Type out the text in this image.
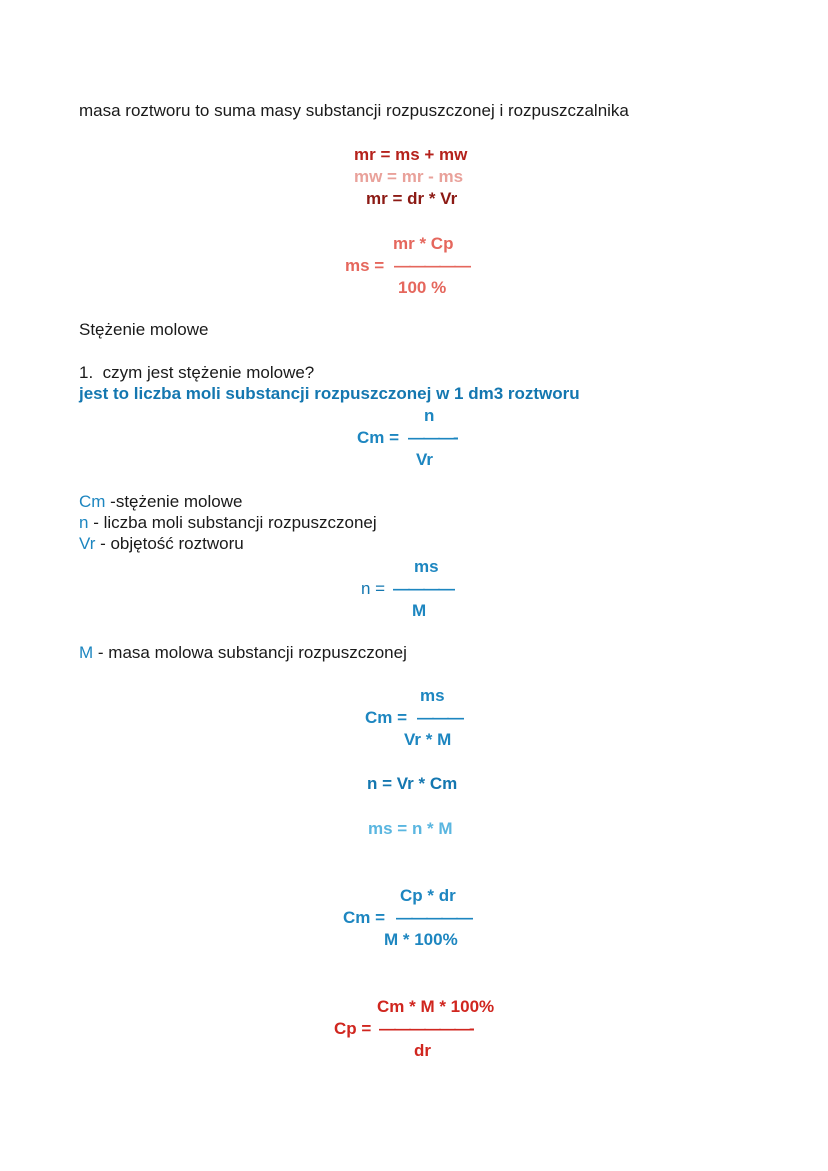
masa roztworu to suma masy substancji rozpuszczonej i rozpuszczalnika
mr = ms + mw
mw = mr - ms
mr = dr * Vr
mr * Cp
ms = —————
100 %
Stężenie molowe
1.  czym jest stężenie molowe?
jest to liczba moli substancji rozpuszczonej w 1 dm3 roztworu
n
Cm = ———-
Vr
Cm -stężenie molowe
n - liczba moli substancji rozpuszczonej
Vr - objętość roztworu
ms
n = ————
M
M - masa molowa substancji rozpuszczonej
ms
Cm = ———
Vr * M
n = Vr * Cm
ms = n * M
Cp * dr
Cm = —————
M * 100%
Cm * M * 100%
Cp = ——————-
dr
